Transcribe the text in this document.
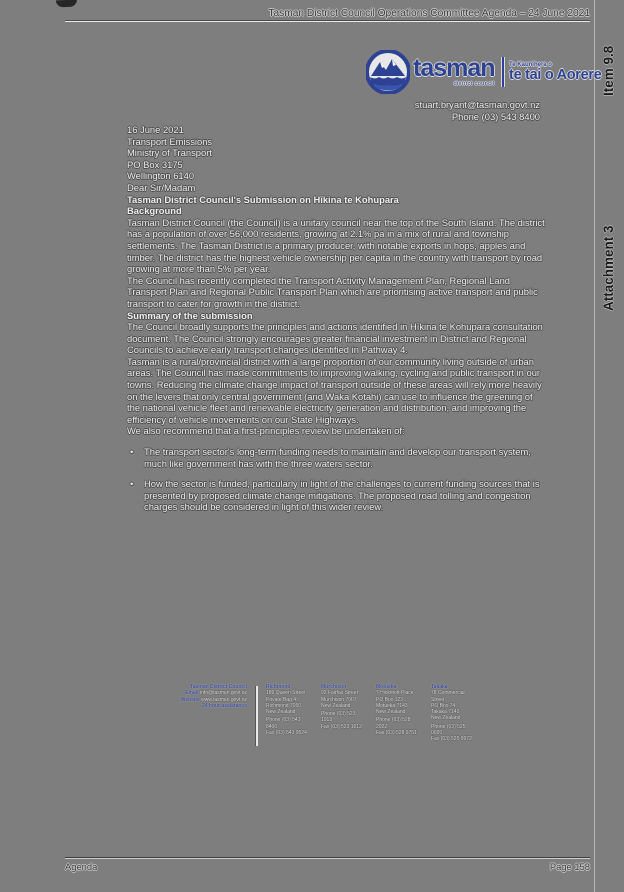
Tasman District Council Operations Committee Agenda – 24 June 2021
Item 9.8
Attachment 3
tasman
district council
Te Kaunihera o
te tai o Aorere
stuart.bryant@tasman.govt.nz
Phone (03) 543 8400
16 June 2021
Transport Emissions
Ministry of Transport
PO Box 3175
Wellington 6140
Dear Sir/Madam
Tasman District Council's Submission on Hīkina te Kohupara
Background
Tasman District Council (the Council) is a unitary council near the top of the South Island. The district has a population of over 56,000 residents, growing at 2.1% pa in a mix of rural and township settlements. The Tasman District is a primary producer, with notable exports in hops, apples and timber. The district has the highest vehicle ownership per capita in the country with transport by road growing at more than 5% per year.
The Council has recently completed the Transport Activity Management Plan, Regional Land Transport Plan and Regional Public Transport Plan which are prioritising active transport and public transport to cater for growth in the district.
Summary of the submission
The Council broadly supports the principles and actions identified in Hīkina te Kohupara consultation document. The Council strongly encourages greater financial investment in District and Regional Councils to achieve early transport changes identified in Pathway 4.
Tasman is a rural/provincial district with a large proportion of our community living outside of urban areas. The Council has made commitments to improving walking, cycling and public transport in our towns. Reducing the climate change impact of transport outside of these areas will rely more heavily on the levers that only central government (and Waka Kotahi) can use to influence the greening of the national vehicle fleet and renewable electricity generation and distribution, and improving the efficiency of vehicle movements on our State Highways.
We also recommend that a first-principles review be undertaken of:
•	The transport sector's long-term funding needs to maintain and develop our transport system, much like government has with the three waters sector.
•	How the sector is funded, particularly in light of the challenges to current funding sources that is presented by proposed climate change mitigations. The proposed road tolling and congestion charges should be considered in light of this wider review.
Tasman District Council
Email info@tasman.govt.nz
Website www.tasman.govt.nz
24 hour assistance
Richmond
189 Queen Street
Private Bag 4
Richmond 7050
New Zealand
Phone (03) 543 8400
Fax (03) 543 9524
Murchison
92 Fairfax Street
Murchison 7007
New Zealand
Phone (03) 523 1013
Fax (03) 523 1012
Motueka
7 Hickmott Place
PO Box 123
Motueka 7143
New Zealand
Phone (03) 528 2022
Fax (03) 528 9751
Takaka
78 Commercial Street
PO Box 74
Takaka 7142
New Zealand
Phone (03) 525 0020
Fax (03) 525 9972
Agenda	Page 158
